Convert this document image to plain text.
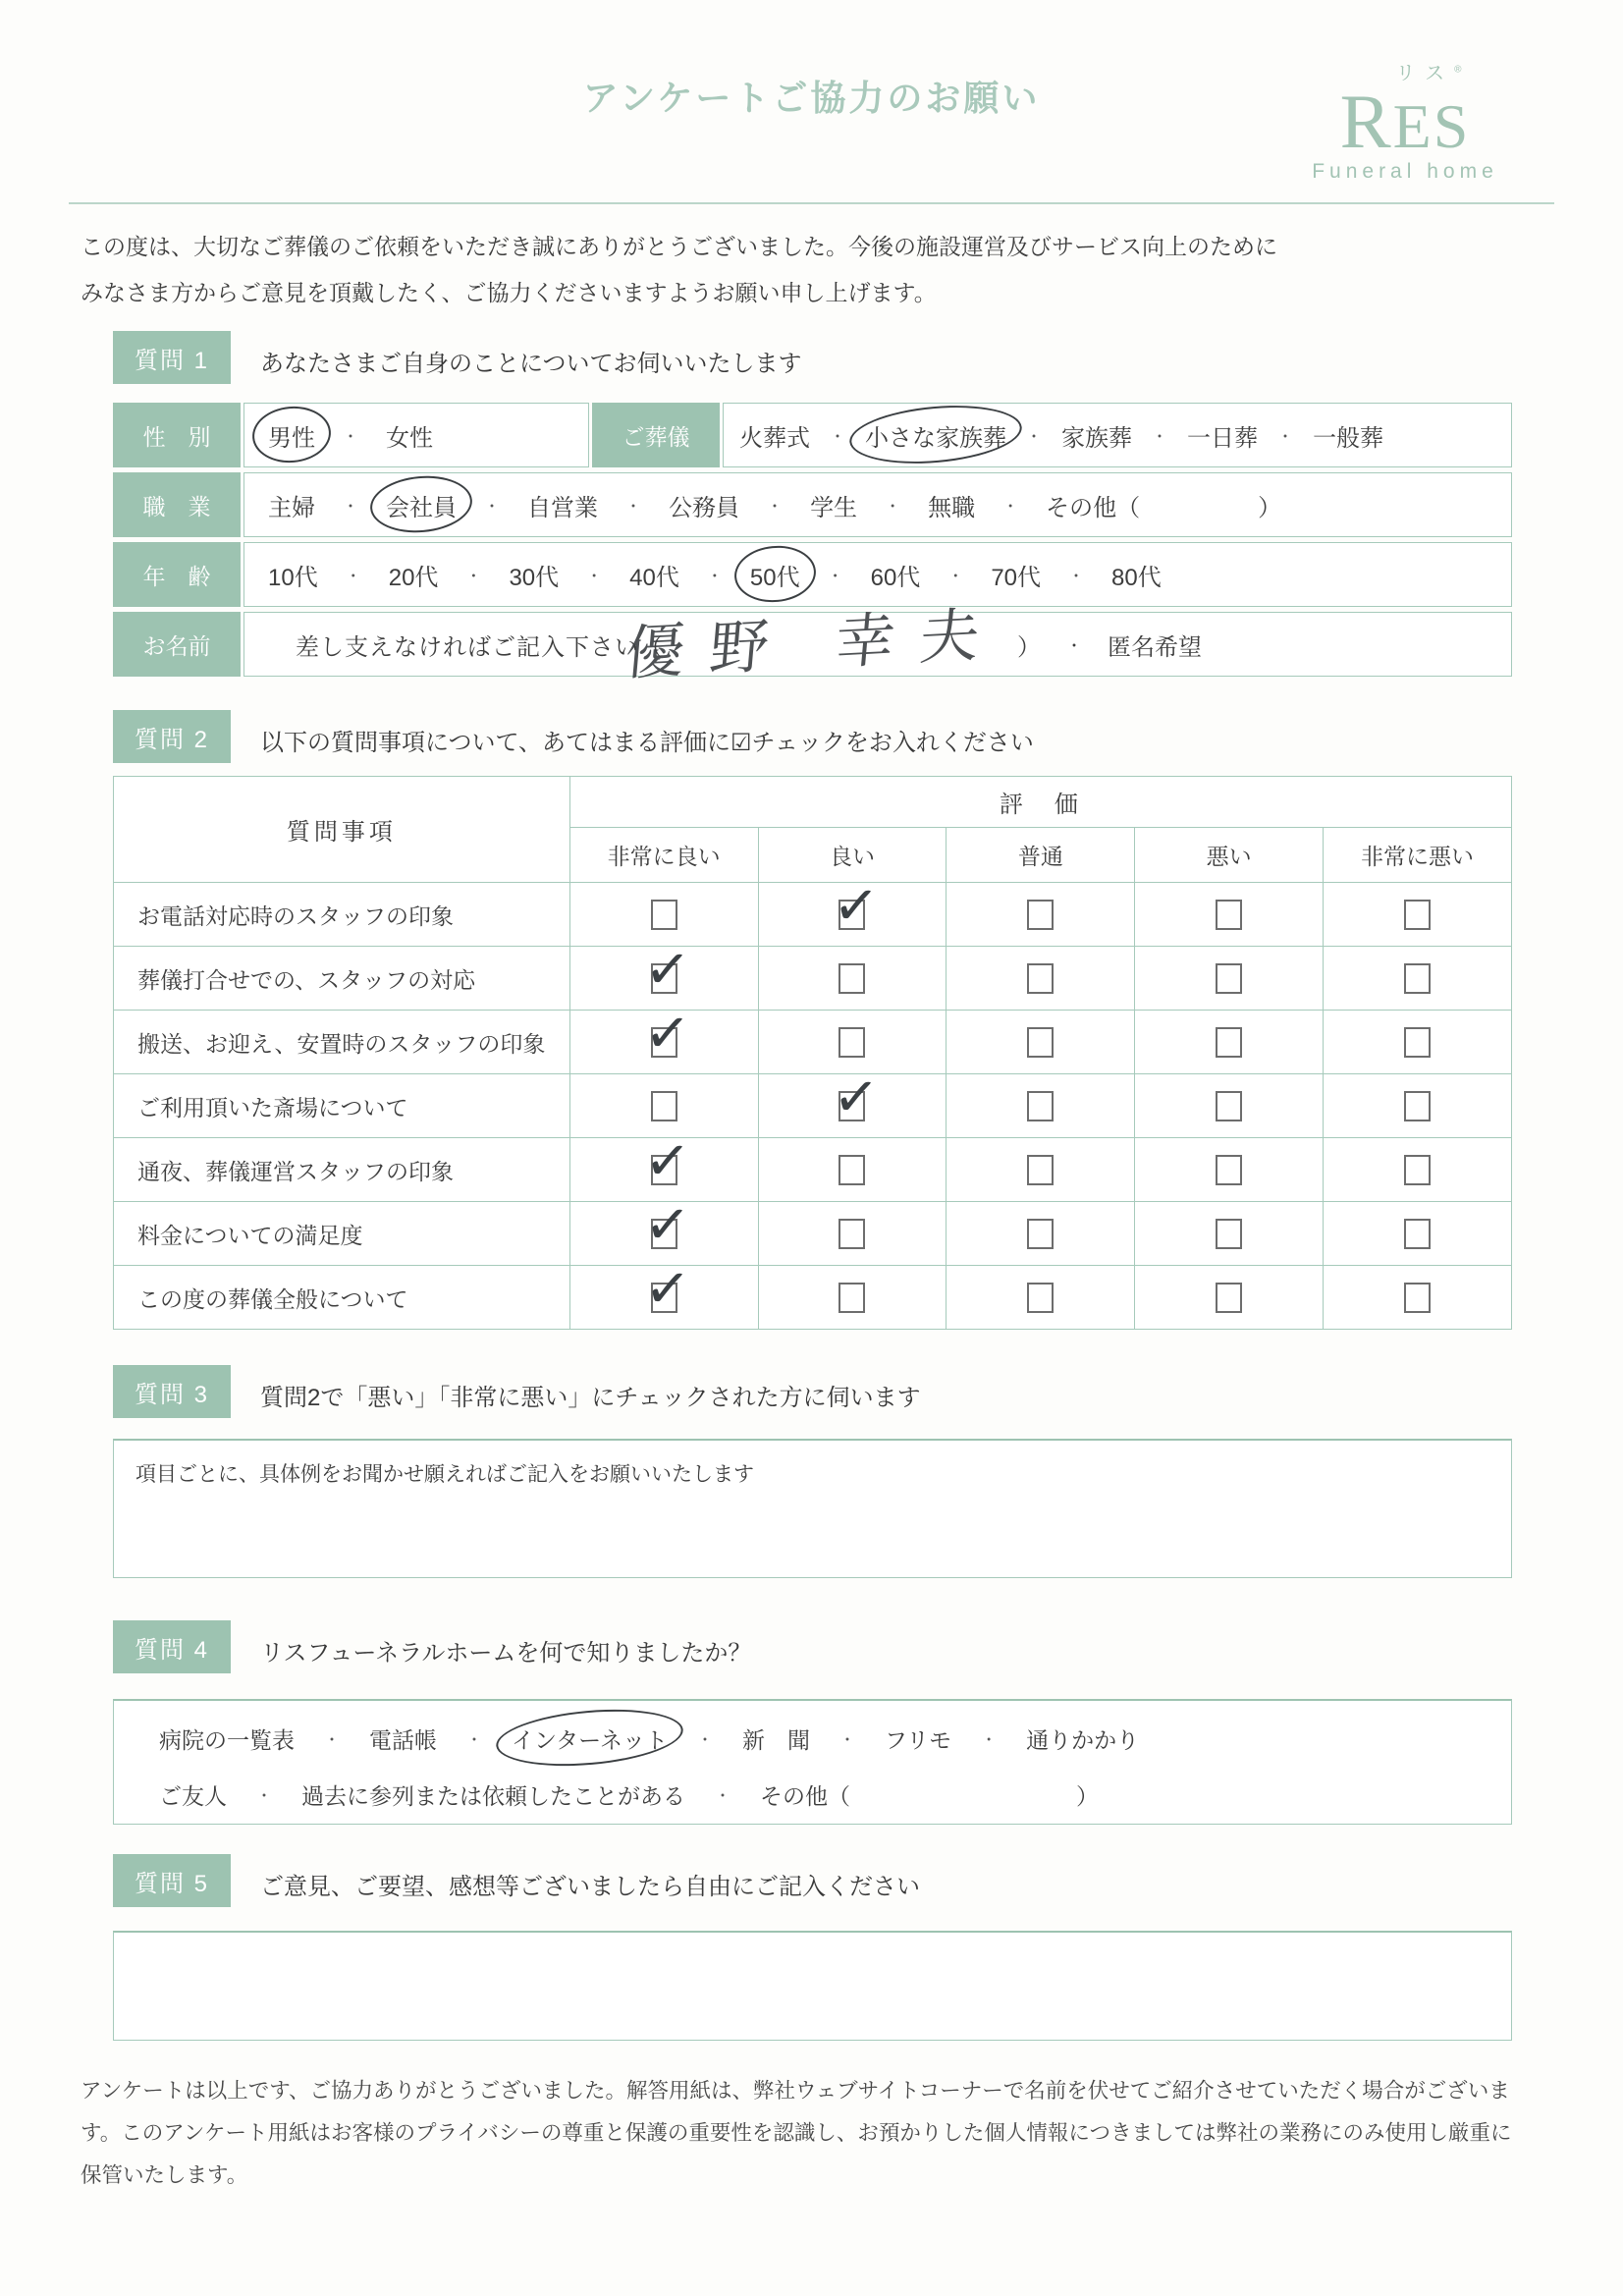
アンケートご協力のお願い
リス®
RES
Funeral home
この度は、大切なご葬儀のご依頼をいただき誠にありがとうございました。今後の施設運営及びサービス向上のために
みなさま方からご意見を頂戴したく、ご協力くださいますようお願い申し上げます。
質問 1	あなたさまご自身のことについてお伺いいたします
性　別	男性 ・ 女性	ご葬儀	火葬式 ・ 小さな家族葬 ・ 家族葬 ・ 一日葬 ・ 一般葬
職　業	主婦 ・ 会社員 ・ 自営業 ・ 公務員 ・ 学生 ・ 無職 ・ その他（　　　　　）
年　齢	10代 ・ 20代 ・ 30代 ・ 40代 ・ 50代 ・ 60代 ・ 70代 ・ 80代
お名前	差し支えなければご記入下さい（	） ・ 匿名希望
優野 幸夫
質問 2	以下の質問事項について、あてはまる評価に☑チェックをお入れください
質問事項	評　価				
	非常に良い	良い	普通	悪い	非常に悪い
お電話対応時のスタッフの印象		✓			

葬儀打合せでの、スタッフの対応	✓				

搬送、お迎え、安置時のスタッフの印象	✓				

ご利用頂いた斎場について		✓			

通夜、葬儀運営スタッフの印象	✓				

料金についての満足度	✓				

この度の葬儀全般について	✓				

質問 3	質問2で「悪い」「非常に悪い」にチェックされた方に伺います
項目ごとに、具体例をお聞かせ願えればご記入をお願いいたします
質問 4	リスフューネラルホームを何で知りましたか？
病院の一覧表 ・ 電話帳 ・ インターネット ・ 新　聞 ・ フリモ ・ 通りかかり
ご友人 ・ 過去に参列または依頼したことがある ・ その他（　　　　　　　　　　）
質問 5	ご意見、ご要望、感想等ございましたら自由にご記入ください
アンケートは以上です、ご協力ありがとうございました。解答用紙は、弊社ウェブサイトコーナーで名前を伏せてご紹介させていただく場合がございます。このアンケート用紙はお客様のプライバシーの尊重と保護の重要性を認識し、お預かりした個人情報につきましては弊社の業務にのみ使用し厳重に保管いたします。
